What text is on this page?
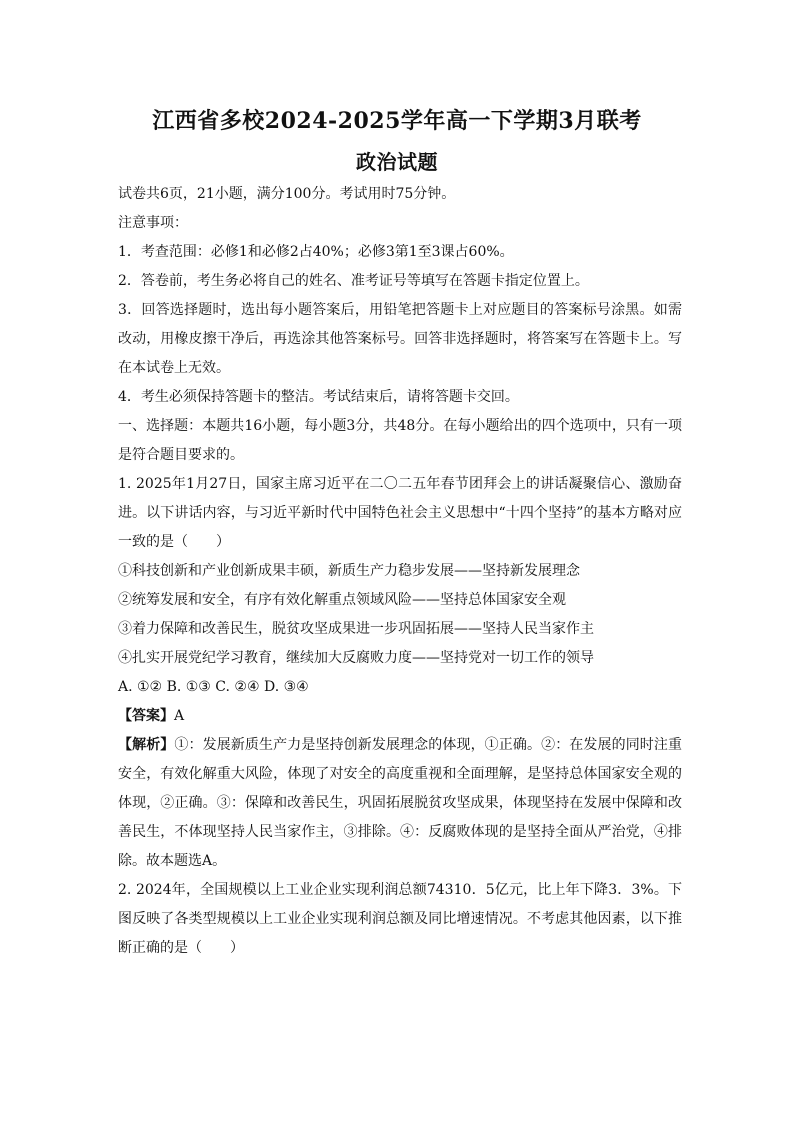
江西省多校2024-2025学年高一下学期3月联考
政治试题

试卷共6页，21小题，满分100分。考试用时75分钟。

注意事项：

1．考查范围：必修1和必修2占40%；必修3第1至3课占60%。

2．答卷前，考生务必将自己的姓名、准考证号等填写在答题卡指定位置上。

3．回答选择题时，选出每小题答案后，用铅笔把答题卡上对应题目的答案标号涂黑。如需改动，用橡皮擦干净后，再选涂其他答案标号。回答非选择题时，将答案写在答题卡上。写在本试卷上无效。

4．考生必须保持答题卡的整洁。考试结束后，请将答题卡交回。

一、选择题：本题共16小题，每小题3分，共48分。在每小题给出的四个选项中，只有一项是符合题目要求的。

1. 2025年1月27日，国家主席习近平在二〇二五年春节团拜会上的讲话凝聚信心、激励奋进。以下讲话内容，与习近平新时代中国特色社会主义思想中“十四个坚持”的基本方略对应一致的是（　　）

①科技创新和产业创新成果丰硕，新质生产力稳步发展——坚持新发展理念

②统筹发展和安全，有序有效化解重点领域风险——坚持总体国家安全观

③着力保障和改善民生，脱贫攻坚成果进一步巩固拓展——坚持人民当家作主

④扎实开展党纪学习教育，继续加大反腐败力度——坚持党对一切工作的领导

A. ①② B. ①③ C. ②④ D. ③④

【答案】A

【解析】①：发展新质生产力是坚持创新发展理念的体现，①正确。②：在发展的同时注重安全，有效化解重大风险，体现了对安全的高度重视和全面理解，是坚持总体国家安全观的体现，②正确。③：保障和改善民生，巩固拓展脱贫攻坚成果，体现坚持在发展中保障和改善民生，不体现坚持人民当家作主，③排除。④：反腐败体现的是坚持全面从严治党，④排除。故本题选A。

2. 2024年，全国规模以上工业企业实现利润总额74310．5亿元，比上年下降3．3%。下图反映了各类型规模以上工业企业实现利润总额及同比增速情况。不考虑其他因素，以下推断正确的是（　　）
